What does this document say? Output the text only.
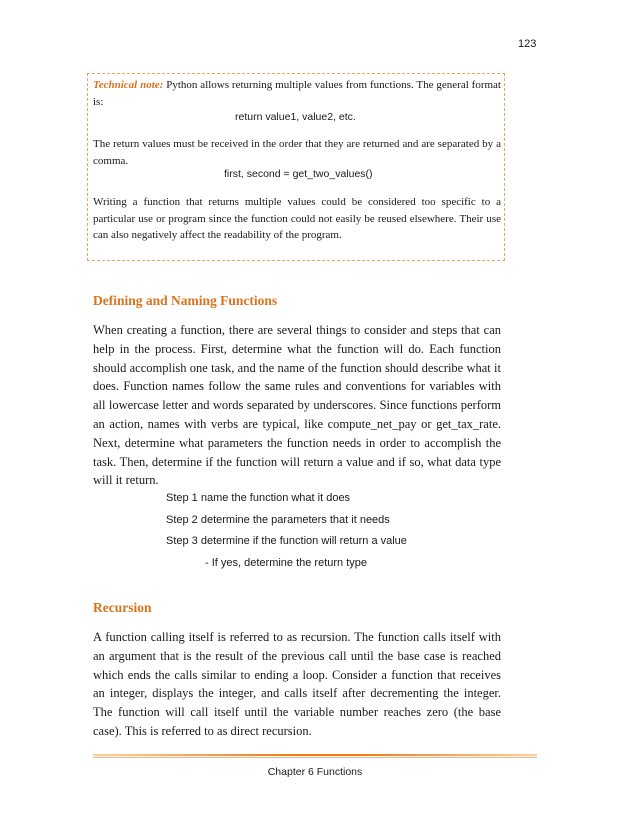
123

Technical note: Python allows returning multiple values from functions. The general format is:

return value1, value2, etc.

The return values must be received in the order that they are returned and are separated by a comma.

first, second = get_two_values()

Writing a function that returns multiple values could be considered too specific to a particular use or program since the function could not easily be reused elsewhere. Their use can also negatively affect the readability of the program.

Defining and Naming Functions

When creating a function, there are several things to consider and steps that can help in the process. First, determine what the function will do. Each function should accomplish one task, and the name of the function should describe what it does. Function names follow the same rules and conventions for variables with all lowercase letter and words separated by underscores. Since functions perform an action, names with verbs are typical, like compute_net_pay or get_tax_rate. Next, determine what parameters the function needs in order to accomplish the task. Then, determine if the function will return a value and if so, what data type will it return.

Step 1 name the function what it does
Step 2 determine the parameters that it needs
Step 3 determine if the function will return a value
- If yes, determine the return type
Recursion

A function calling itself is referred to as recursion. The function calls itself with an argument that is the result of the previous call until the base case is reached which ends the calls similar to ending a loop. Consider a function that receives an integer, displays the integer, and calls itself after decrementing the integer. The function will call itself until the variable number reaches zero (the base case). This is referred to as direct recursion.

Chapter 6 Functions
